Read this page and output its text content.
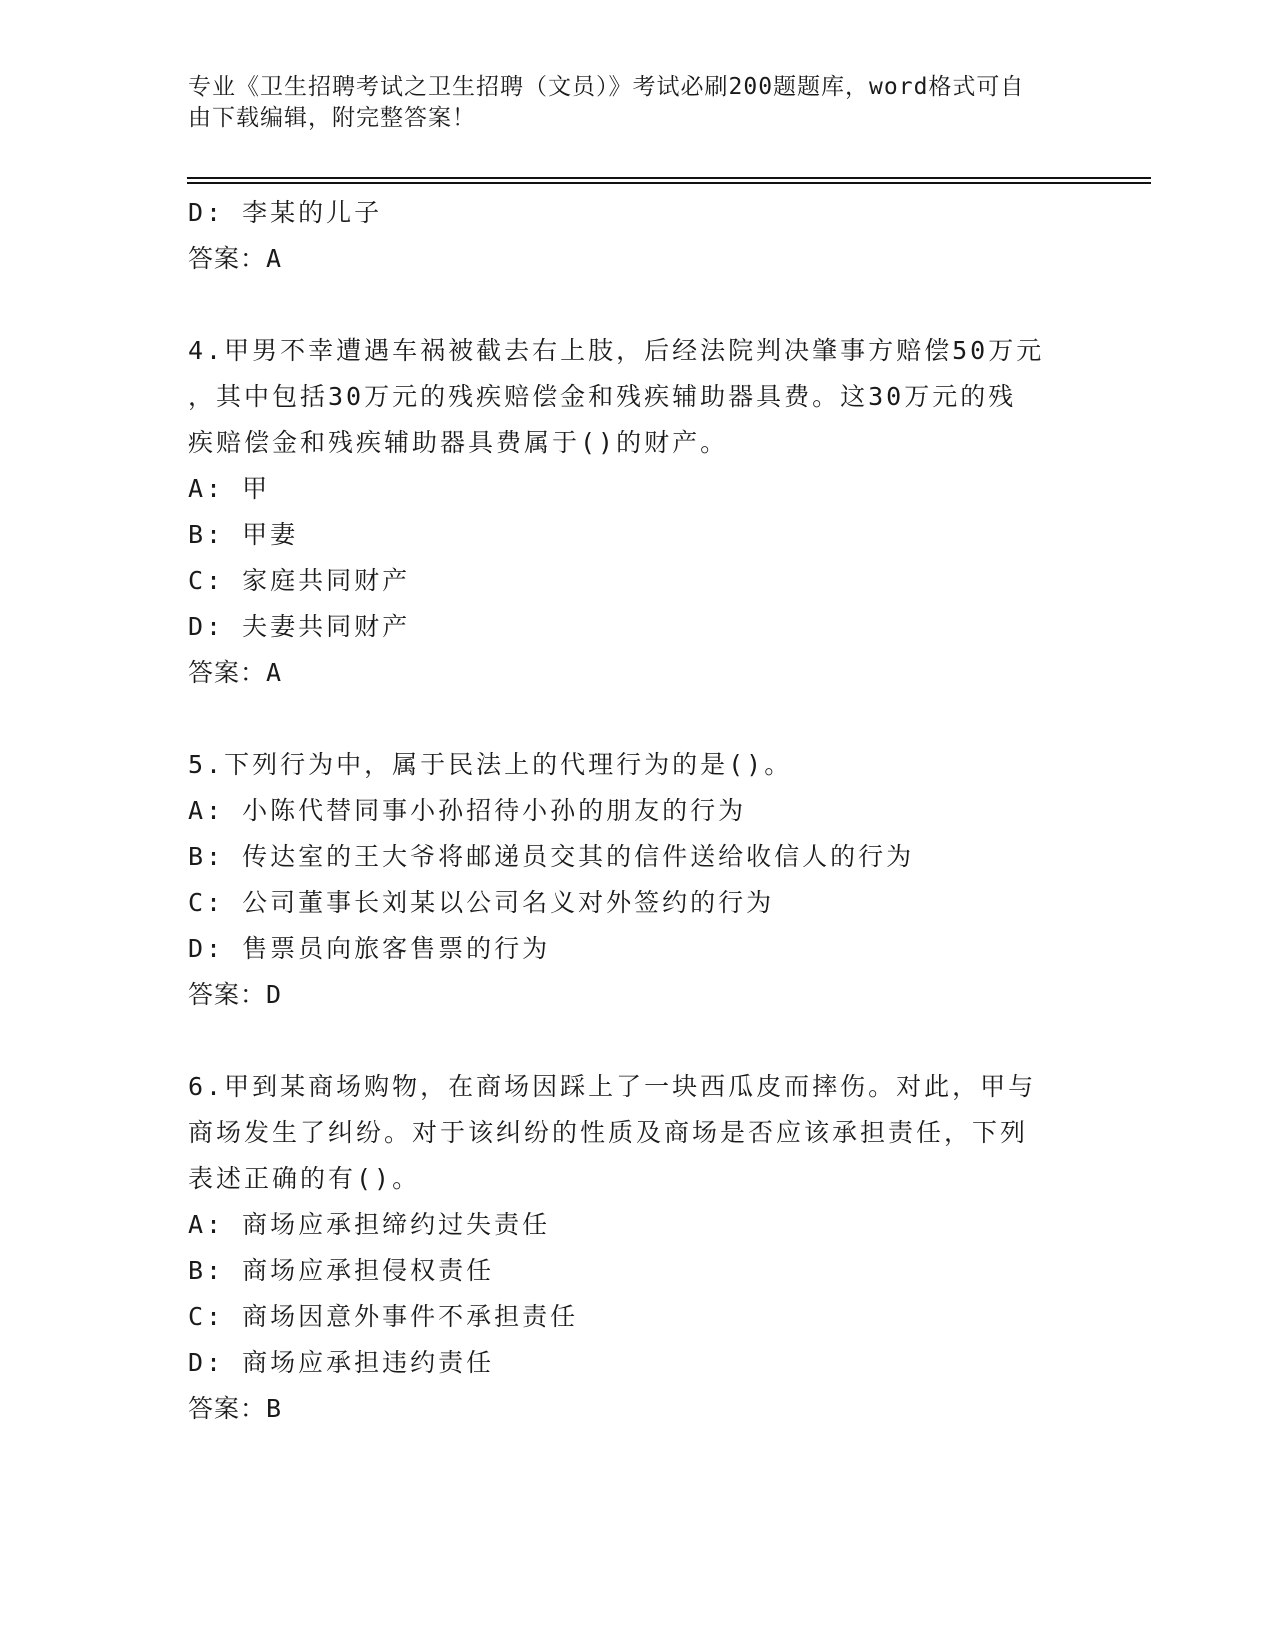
专业《卫生招聘考试之卫生招聘（文员）》考试必刷200题题库，word格式可自
由下载编辑，附完整答案！

D: 李某的儿子

答案：A

4.甲男不幸遭遇车祸被截去右上肢，后经法院判决肇事方赔偿50万元

，其中包括30万元的残疾赔偿金和残疾辅助器具费。这30万元的残

疾赔偿金和残疾辅助器具费属于()的财产。

A: 甲

B: 甲妻

C: 家庭共同财产

D: 夫妻共同财产

答案：A

5.下列行为中，属于民法上的代理行为的是()。

A: 小陈代替同事小孙招待小孙的朋友的行为

B: 传达室的王大爷将邮递员交其的信件送给收信人的行为

C: 公司董事长刘某以公司名义对外签约的行为

D: 售票员向旅客售票的行为

答案：D

6.甲到某商场购物，在商场因踩上了一块西瓜皮而摔伤。对此，甲与

商场发生了纠纷。对于该纠纷的性质及商场是否应该承担责任，下列

表述正确的有()。

A: 商场应承担缔约过失责任

B: 商场应承担侵权责任

C: 商场因意外事件不承担责任

D: 商场应承担违约责任

答案：B
